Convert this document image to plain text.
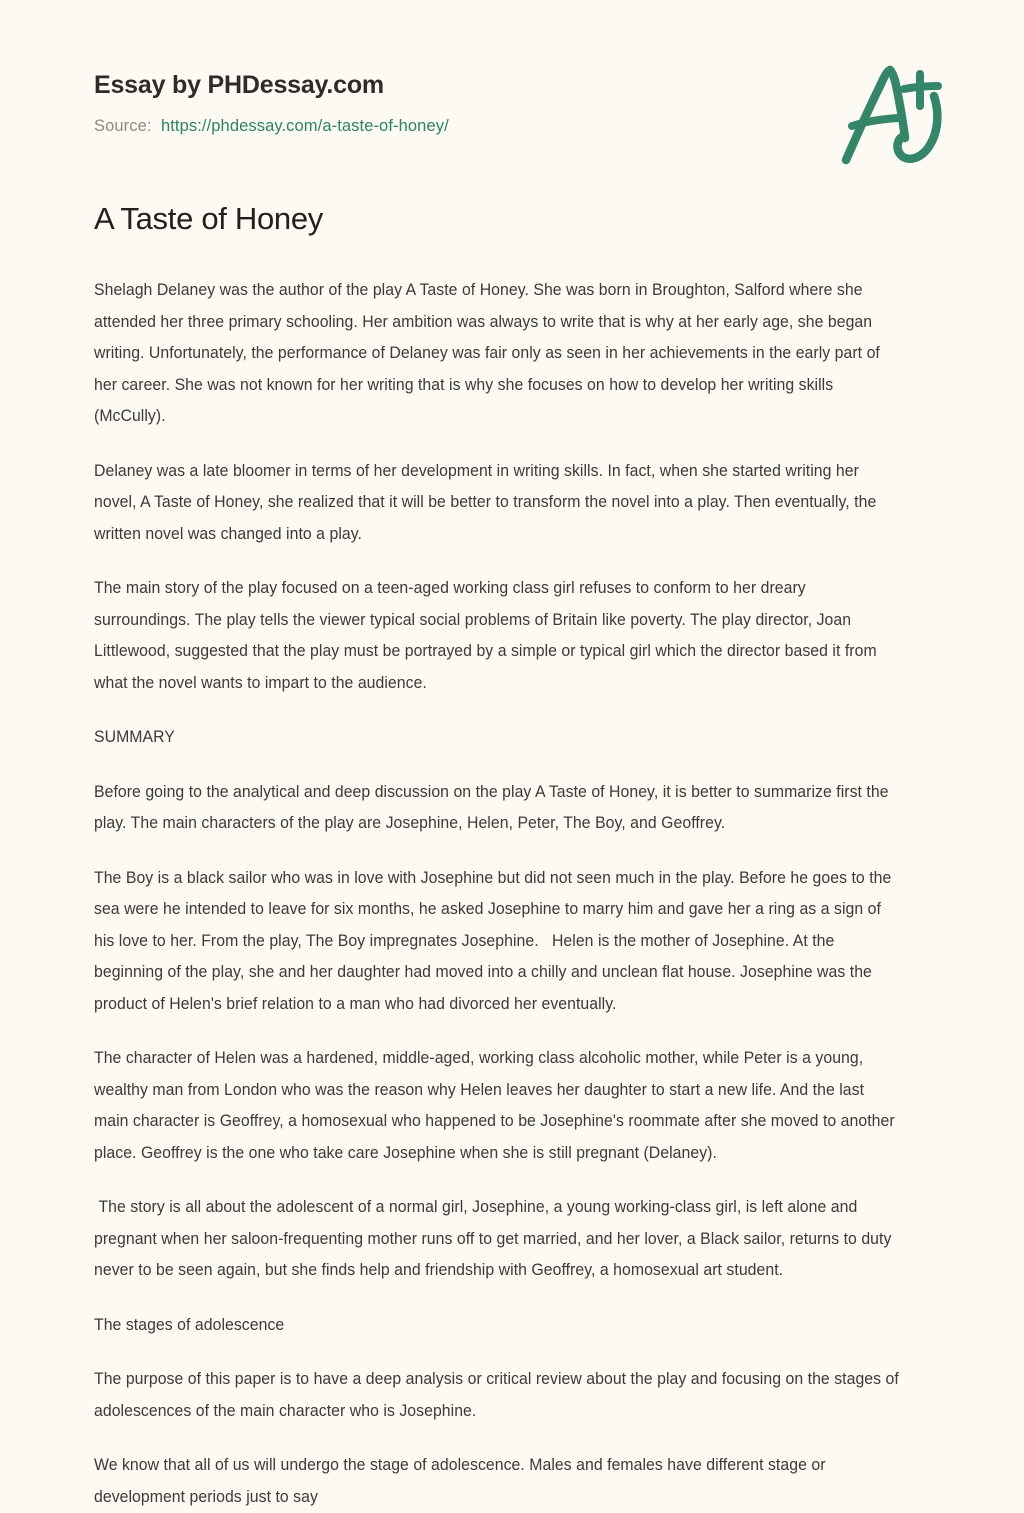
Essay by PHDessay.com
Source: https://phdessay.com/a-taste-of-honey/
A Taste of Honey

Shelagh Delaney was the author of the play A Taste of Honey. She was born in Broughton, Salford where she attended her three primary schooling. Her ambition was always to write that is why at her early age, she began writing. Unfortunately, the performance of Delaney was fair only as seen in her achievements in the early part of her career. She was not known for her writing that is why she focuses on how to develop her writing skills (McCully).

Delaney was a late bloomer in terms of her development in writing skills. In fact, when she started writing her novel, A Taste of Honey, she realized that it will be better to transform the novel into a play. Then eventually, the written novel was changed into a play.

The main story of the play focused on a teen-aged working class girl refuses to conform to her dreary surroundings. The play tells the viewer typical social problems of Britain like poverty. The play director, Joan Littlewood, suggested that the play must be portrayed by a simple or typical girl which the director based it from what the novel wants to impart to the audience.

SUMMARY

Before going to the analytical and deep discussion on the play A Taste of Honey, it is better to summarize first the play. The main characters of the play are Josephine, Helen, Peter, The Boy, and Geoffrey.

The Boy is a black sailor who was in love with Josephine but did not seen much in the play. Before he goes to the sea were he intended to leave for six months, he asked Josephine to marry him and gave her a ring as a sign of his love to her. From the play, The Boy impregnates Josephine.   Helen is the mother of Josephine. At the beginning of the play, she and her daughter had moved into a chilly and unclean flat house. Josephine was the product of Helen's brief relation to a man who had divorced her eventually.

The character of Helen was a hardened, middle-aged, working class alcoholic mother, while Peter is a young, wealthy man from London who was the reason why Helen leaves her daughter to start a new life. And the last main character is Geoffrey, a homosexual who happened to be Josephine's roommate after she moved to another place. Geoffrey is the one who take care Josephine when she is still pregnant (Delaney).

The story is all about the adolescent of a normal girl, Josephine, a young working-class girl, is left alone and pregnant when her saloon-frequenting mother runs off to get married, and her lover, a Black sailor, returns to duty never to be seen again, but she finds help and friendship with Geoffrey, a homosexual art student.

The stages of adolescence

The purpose of this paper is to have a deep analysis or critical review about the play and focusing on the stages of adolescences of the main character who is Josephine.

We know that all of us will undergo the stage of adolescence. Males and females have different stage or development periods just to say
